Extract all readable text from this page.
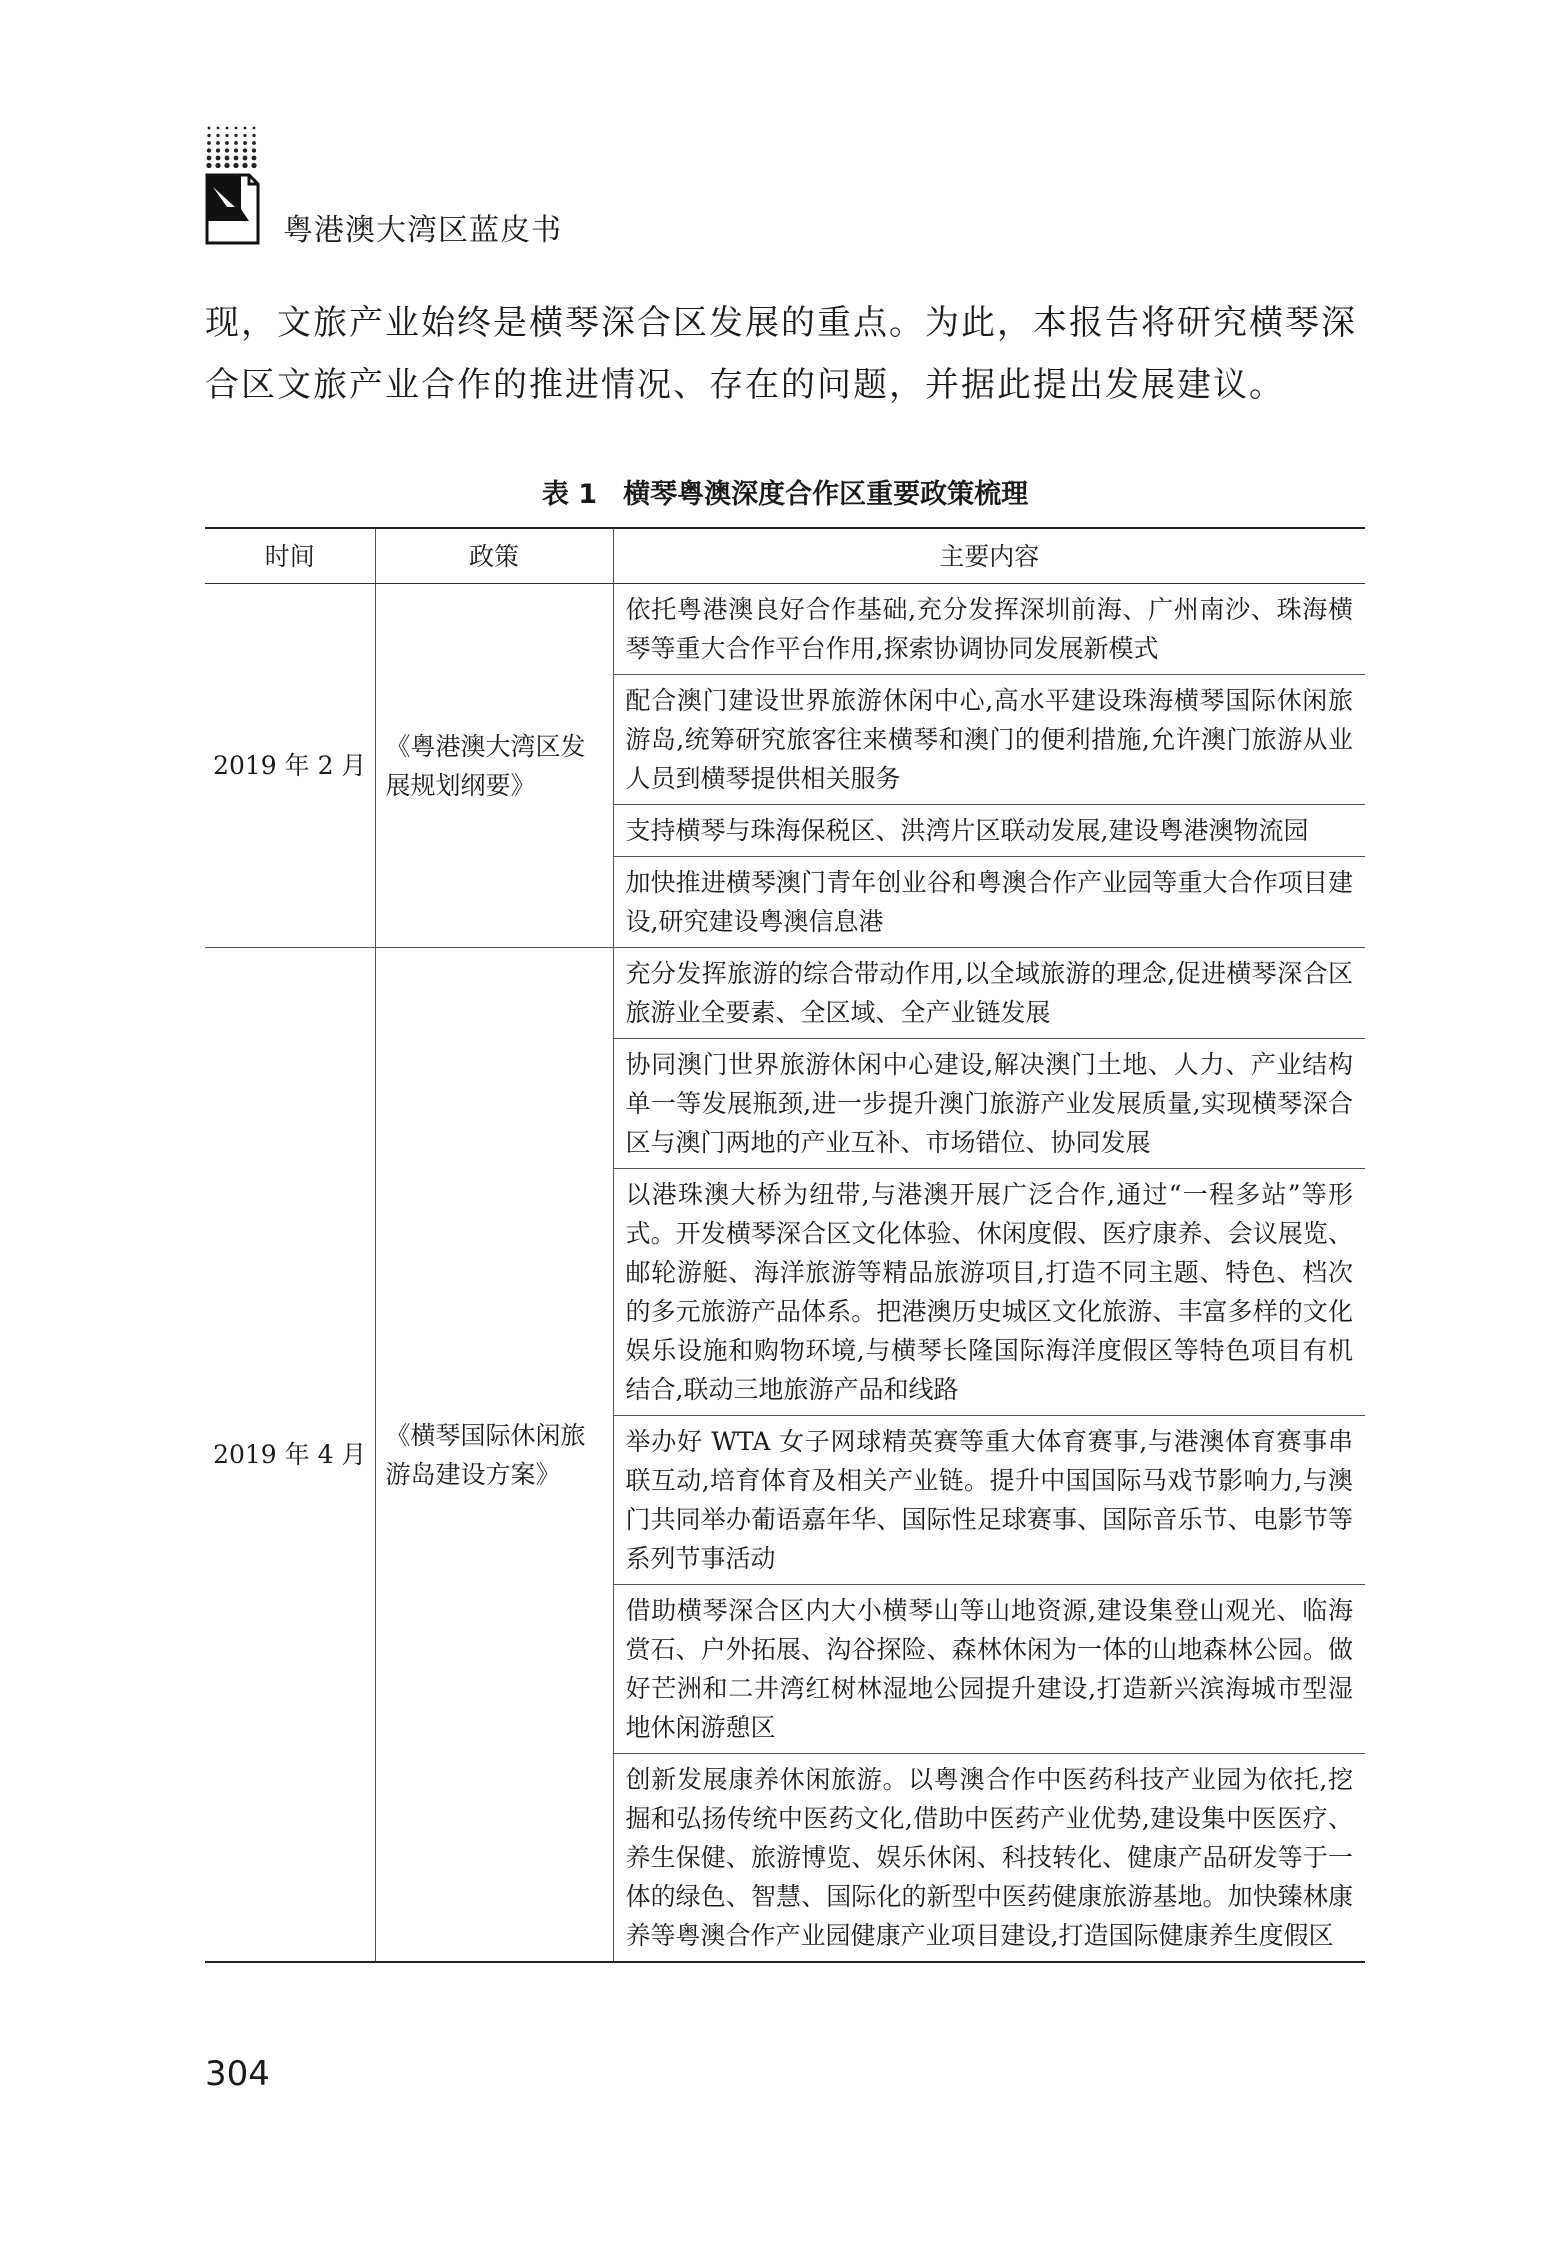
粤港澳大湾区蓝皮书

现，文旅产业始终是横琴深合区发展的重点。为此，本报告将研究横琴深合区文旅产业合作的推进情况、存在的问题，并据此提出发展建议。

表 1 横琴粤澳深度合作区重要政策梳理
时间	政策	主要内容
2019 年 2 月	《粤港澳大湾区发展规划纲要》	依托粤港澳良好合作基础,充分发挥深圳前海、广州南沙、珠海横琴等重大合作平台作用,探索协调协同发展新模式
		配合澳门建设世界旅游休闲中心,高水平建设珠海横琴国际休闲旅游岛,统筹研究旅客往来横琴和澳门的便利措施,允许澳门旅游从业人员到横琴提供相关服务
		支持横琴与珠海保税区、洪湾片区联动发展,建设粤港澳物流园
		加快推进横琴澳门青年创业谷和粤澳合作产业园等重大合作项目建设,研究建设粤澳信息港
2019 年 4 月	《横琴国际休闲旅游岛建设方案》	充分发挥旅游的综合带动作用,以全域旅游的理念,促进横琴深合区旅游业全要素、全区域、全产业链发展
		协同澳门世界旅游休闲中心建设,解决澳门土地、人力、产业结构单一等发展瓶颈,进一步提升澳门旅游产业发展质量,实现横琴深合区与澳门两地的产业互补、市场错位、协同发展
		以港珠澳大桥为纽带,与港澳开展广泛合作,通过“一程多站”等形式。开发横琴深合区文化体验、休闲度假、医疗康养、会议展览、邮轮游艇、海洋旅游等精品旅游项目,打造不同主题、特色、档次的多元旅游产品体系。把港澳历史城区文化旅游、丰富多样的文化娱乐设施和购物环境,与横琴长隆国际海洋度假区等特色项目有机结合,联动三地旅游产品和线路
		举办好 WTA 女子网球精英赛等重大体育赛事,与港澳体育赛事串联互动,培育体育及相关产业链。提升中国国际马戏节影响力,与澳门共同举办葡语嘉年华、国际性足球赛事、国际音乐节、电影节等系列节事活动
		借助横琴深合区内大小横琴山等山地资源,建设集登山观光、临海赏石、户外拓展、沟谷探险、森林休闲为一体的山地森林公园。做好芒洲和二井湾红树林湿地公园提升建设,打造新兴滨海城市型湿地休闲游憩区
		创新发展康养休闲旅游。以粤澳合作中医药科技产业园为依托,挖掘和弘扬传统中医药文化,借助中医药产业优势,建设集中医医疗、养生保健、旅游博览、娱乐休闲、科技转化、健康产品研发等于一体的绿色、智慧、国际化的新型中医药健康旅游基地。加快臻林康养等粤澳合作产业园健康产业项目建设,打造国际健康养生度假区
304
